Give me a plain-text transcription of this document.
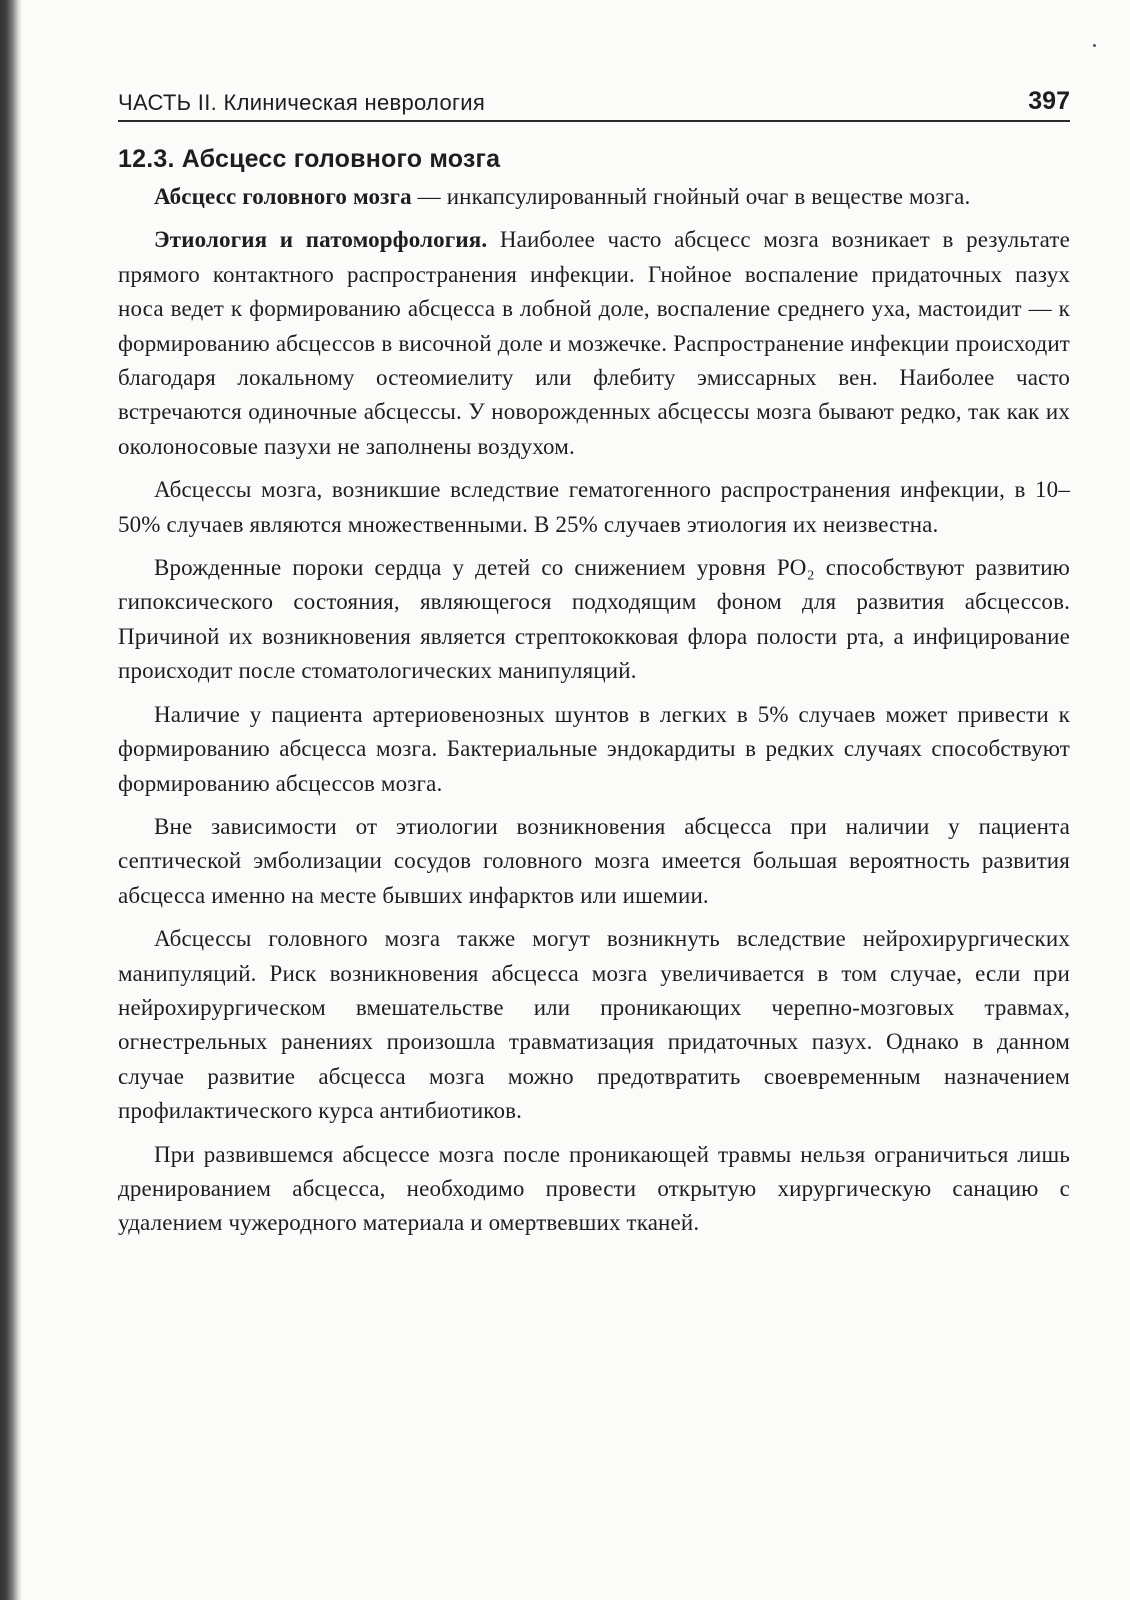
ЧАСТЬ II. Клиническая неврология	397
12.3. Абсцесс головного мозга

Абсцесс головного мозга — инкапсулированный гнойный очаг в веществе мозга.

Этиология и патоморфология. Наиболее часто абсцесс мозга возникает в результате прямого контактного распространения инфекции. Гнойное воспаление придаточных пазух носа ведет к формированию абсцесса в лобной доле, воспаление среднего уха, мастоидит — к формированию абсцессов в височной доле и мозжечке. Распространение инфекции происходит благодаря локальному остеомиелиту или флебиту эмиссарных вен. Наиболее часто встречаются одиночные абсцессы. У новорожденных абсцессы мозга бывают редко, так как их околоносовые пазухи не заполнены воздухом.

Абсцессы мозга, возникшие вследствие гематогенного распространения инфекции, в 10–50% случаев являются множественными. В 25% случаев этиология их неизвестна.

Врожденные пороки сердца у детей со снижением уровня PO₂ способствуют развитию гипоксического состояния, являющегося подходящим фоном для развития абсцессов. Причиной их возникновения является стрептококковая флора полости рта, а инфицирование происходит после стоматологических манипуляций.

Наличие у пациента артериовенозных шунтов в легких в 5% случаев может привести к формированию абсцесса мозга. Бактериальные эндокардиты в редких случаях способствуют формированию абсцессов мозга.

Вне зависимости от этиологии возникновения абсцесса при наличии у пациента септической эмболизации сосудов головного мозга имеется большая вероятность развития абсцесса именно на месте бывших инфарктов или ишемии.

Абсцессы головного мозга также могут возникнуть вследствие нейрохирургических манипуляций. Риск возникновения абсцесса мозга увеличивается в том случае, если при нейрохирургическом вмешательстве или проникающих черепно-мозговых травмах, огнестрельных ранениях произошла травматизация придаточных пазух. Однако в данном случае развитие абсцесса мозга можно предотвратить своевременным назначением профилактического курса антибиотиков.

При развившемся абсцессе мозга после проникающей травмы нельзя ограничиться лишь дренированием абсцесса, необходимо провести открытую хирургическую санацию с удалением чужеродного материала и омертвевших тканей.
